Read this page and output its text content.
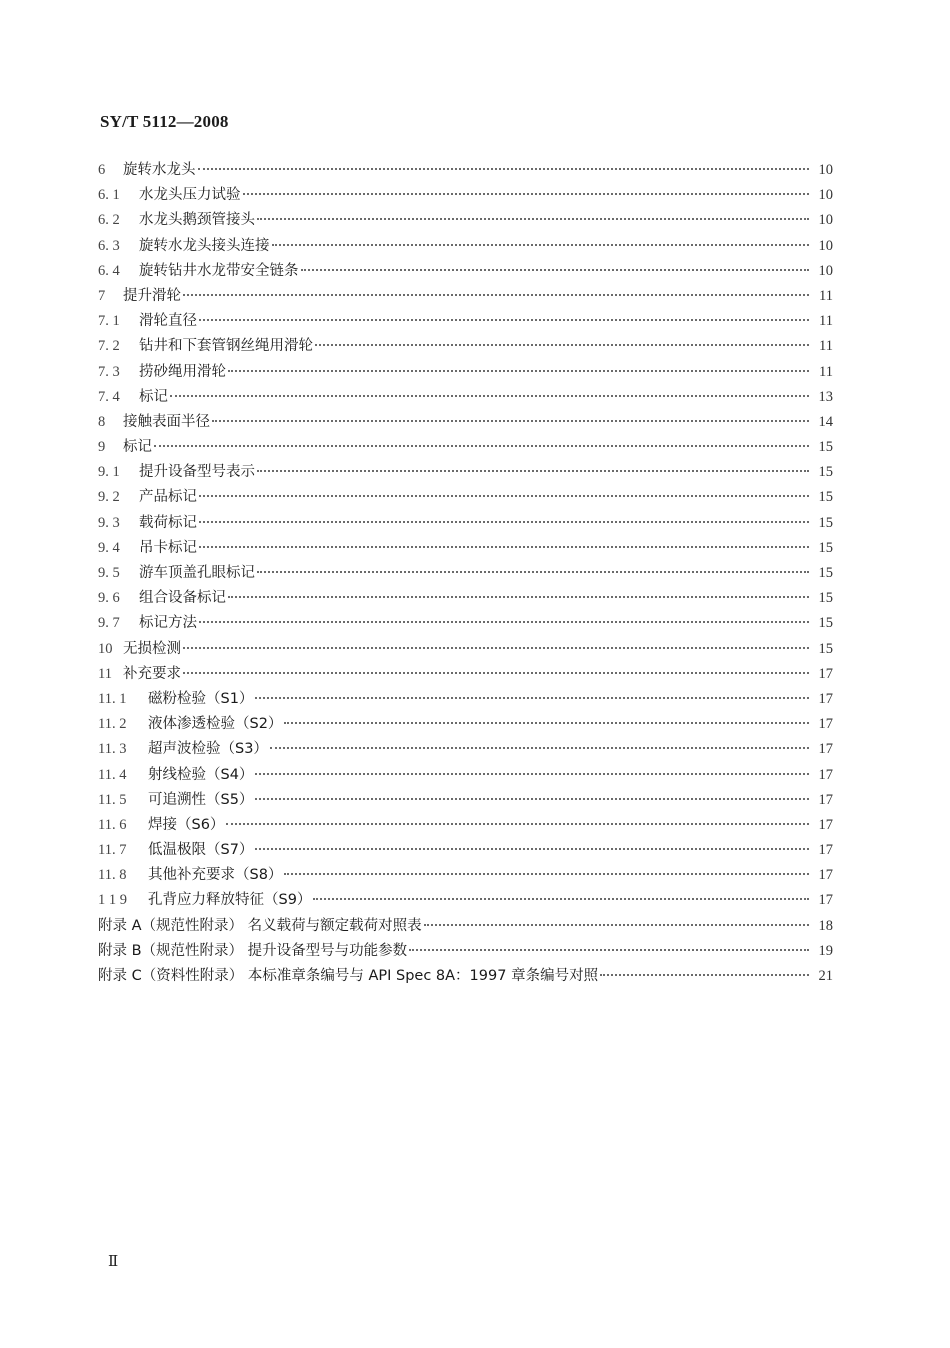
SY/T 5112—2008
6	旋转水龙头	10
6. 1	水龙头压力试验	10
6. 2	水龙头鹅颈管接头	10
6. 3	旋转水龙头接头连接	10
6. 4	旋转钻井水龙带安全链条	10
7	提升滑轮	11
7. 1	滑轮直径	11
7. 2	钻井和下套管钢丝绳用滑轮	11
7. 3	捞砂绳用滑轮	11
7. 4	标记	13
8	接触表面半径	14
9	标记	15
9. 1	提升设备型号表示	15
9. 2	产品标记	15
9. 3	载荷标记	15
9. 4	吊卡标记	15
9. 5	游车顶盖孔眼标记	15
9. 6	组合设备标记	15
9. 7	标记方法	15
10 无损检测	15
11 补充要求	17
11. 1	磁粉检验（S1）	17
11. 2	液体渗透检验（S2）	17
11. 3	超声波检验（S3）	17
11. 4	射线检验（S4）	17
11. 5	可追溯性（S5）	17
11. 6	焊接（S6）	17
11. 7	低温极限（S7）	17
11. 8	其他补充要求（S8）	17
1 1 9	孔背应力释放特征（S9）	17
附录 A（规范性附录） 名义载荷与额定载荷对照表	18
附录 B（规范性附录） 提升设备型号与功能参数	19
附录 C（资料性附录） 本标准章条编号与 API Spec 8A：1997 章条编号对照	21
Ⅱ
